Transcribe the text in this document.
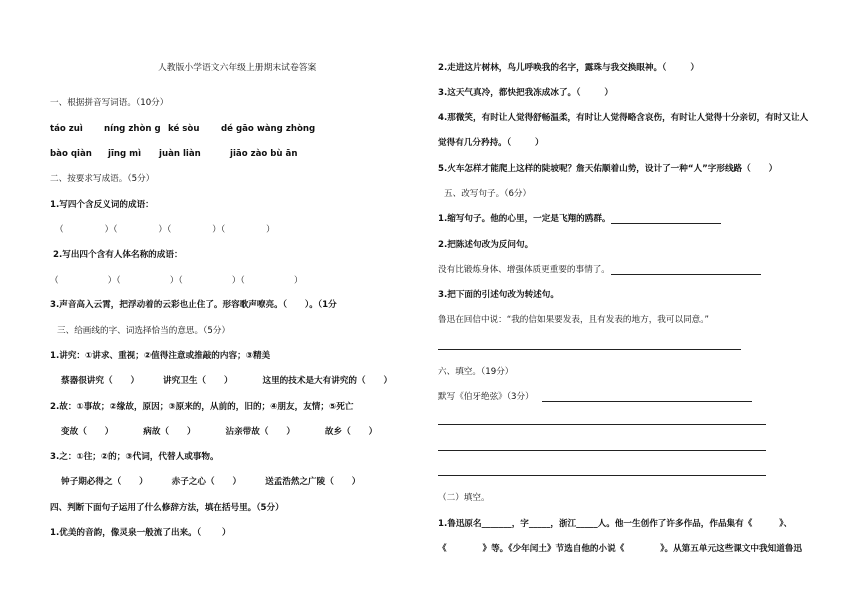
人教版小学语文六年级上册期末试卷答案
一、根据拼音写词语。（10分）
táo zuì níng zhòn g ké sòu	dé gāo wàng zhòng
bào qiàn jīng mì juàn liàn	jiāo zào bù ān
二、按要求写成语。（5分）
1.写四个含反义词的成语：
（               ）（               ）（               ）（               ）
2.写出四个含有人体名称的成语：
（                  ）（                  ）（                  ）（                  ）
3.声音高入云霄，把浮动着的云彩也止住了。形容歌声嘹亮。（      ）。（1分
三、给画线的字、词选择恰当的意思。（5分）
1.讲究：①讲求、重视；②值得注意或推敲的内容；③精美
蔡器很讲究（      ）        讲究卫生（      ）          这里的技术是大有讲究的（      ）
2.故：①事故；②缘故，原因；③原来的，从前的，旧的；④朋友，友情；⑤死亡
变故（      ）          病故（      ）          沾亲带故（      ）          故乡（      ）
3.之：①往；②的；③代词，代替人或事物。
钟子期必得之（      ）        赤子之心（      ）        送孟浩然之广陵（      ）
四、判断下面句子运用了什么修辞方法，填在括号里。（5分）
1.优美的音韵，像灵泉一般流了出来。（       ）
2.走进这片树林，鸟儿呼唤我的名字，露珠与我交换眼神。（        ）
3.这天气真冷，都快把我冻成冰了。（        ）
4.那微笑，有时让人觉得舒畅温柔，有时让人觉得略含哀伤，有时让人觉得十分亲切，有时又让人
觉得有几分矜持。（        ）
5.火车怎样才能爬上这样的陡坡呢？詹天佑顺着山势，设计了一种“人”字形线路（      ）
五、改写句子。（6分）
1.缩写句子。他的心里，一定是飞翔的鸥群。
2.把陈述句改为反问句。
没有比锻炼身体、增强体质更重要的事情了。
3.把下面的引述句改为转述句。
鲁迅在回信中说：“我的信如果要发表，且有发表的地方，我可以同意。”
六、填空。（19分）
默写《伯牙绝弦》（3分）
（二）填空。
1.鲁迅原名_______，字_____，浙江_____人。他一生创作了许多作品，作品集有《         》、
《            》等。《少年闰土》节选自他的小说《            》。从第五单元这些课文中我知道鲁迅
